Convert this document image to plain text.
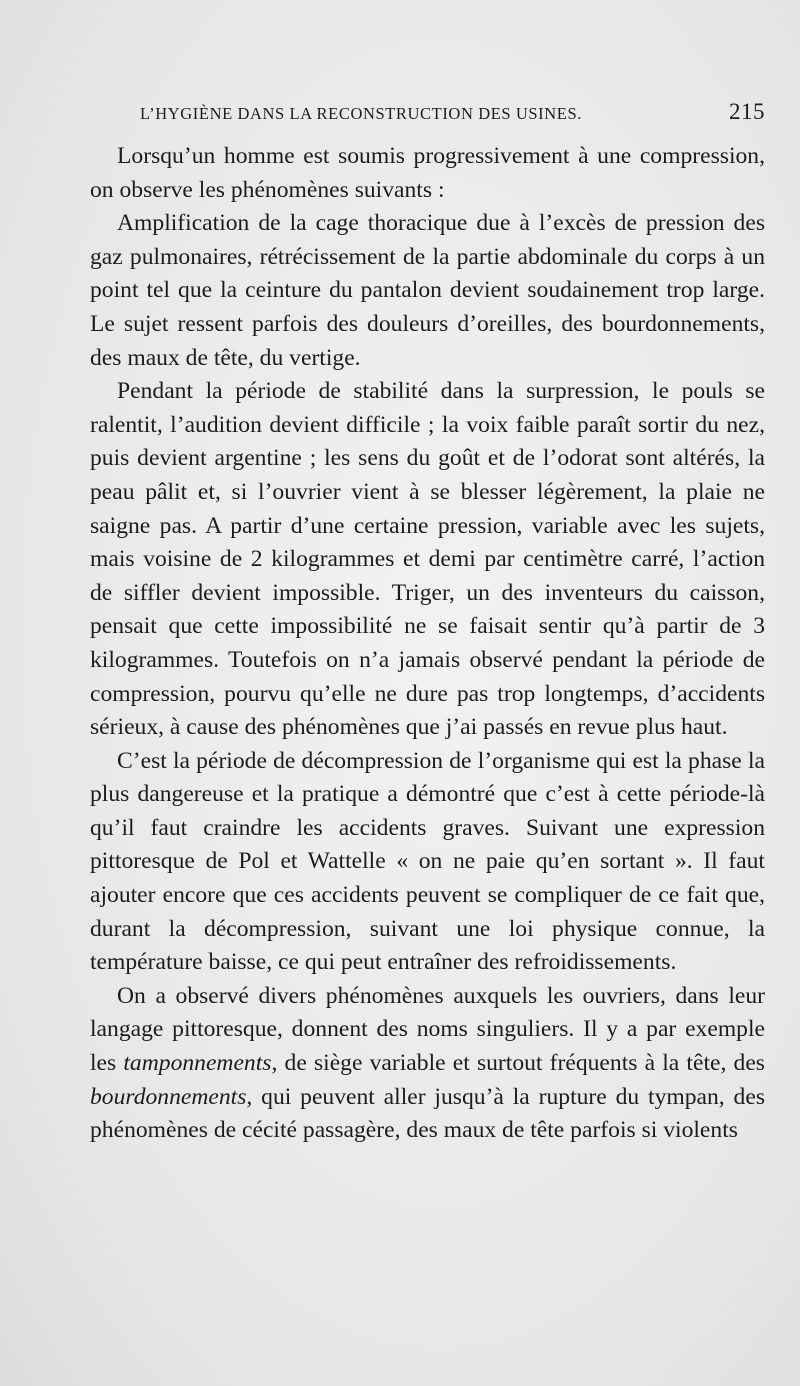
L’HYGIÈNE DANS LA RECONSTRUCTION DES USINES.	215

Lorsqu’un homme est soumis progressivement à une compression, on observe les phénomènes suivants :

Amplification de la cage thoracique due à l’excès de pression des gaz pulmonaires, rétrécissement de la partie abdominale du corps à un point tel que la ceinture du pantalon devient soudainement trop large. Le sujet ressent parfois des douleurs d’oreilles, des bourdonnements, des maux de tête, du vertige.

Pendant la période de stabilité dans la surpression, le pouls se ralentit, l’audition devient difficile ; la voix faible paraît sortir du nez, puis devient argentine ; les sens du goût et de l’odorat sont altérés, la peau pâlit et, si l’ouvrier vient à se blesser légèrement, la plaie ne saigne pas. A partir d’une certaine pression, variable avec les sujets, mais voisine de 2 kilogrammes et demi par centimètre carré, l’action de siffler devient impossible. Triger, un des inventeurs du caisson, pensait que cette impossibilité ne se faisait sentir qu’à partir de 3 kilogrammes. Toutefois on n’a jamais observé pendant la période de compression, pourvu qu’elle ne dure pas trop longtemps, d’accidents sérieux, à cause des phénomènes que j’ai passés en revue plus haut.

C’est la période de décompression de l’organisme qui est la phase la plus dangereuse et la pratique a démontré que c’est à cette période-là qu’il faut craindre les accidents graves. Suivant une expression pittoresque de Pol et Wattelle « on ne paie qu’en sortant ». Il faut ajouter encore que ces accidents peuvent se compliquer de ce fait que, durant la décompression, suivant une loi physique connue, la température baisse, ce qui peut entraîner des refroidissements.

On a observé divers phénomènes auxquels les ouvriers, dans leur langage pittoresque, donnent des noms singuliers. Il y a par exemple les tamponnements, de siège variable et surtout fréquents à la tête, des bourdonnements, qui peuvent aller jusqu’à la rupture du tympan, des phénomènes de cécité passagère, des maux de tête parfois si violents
